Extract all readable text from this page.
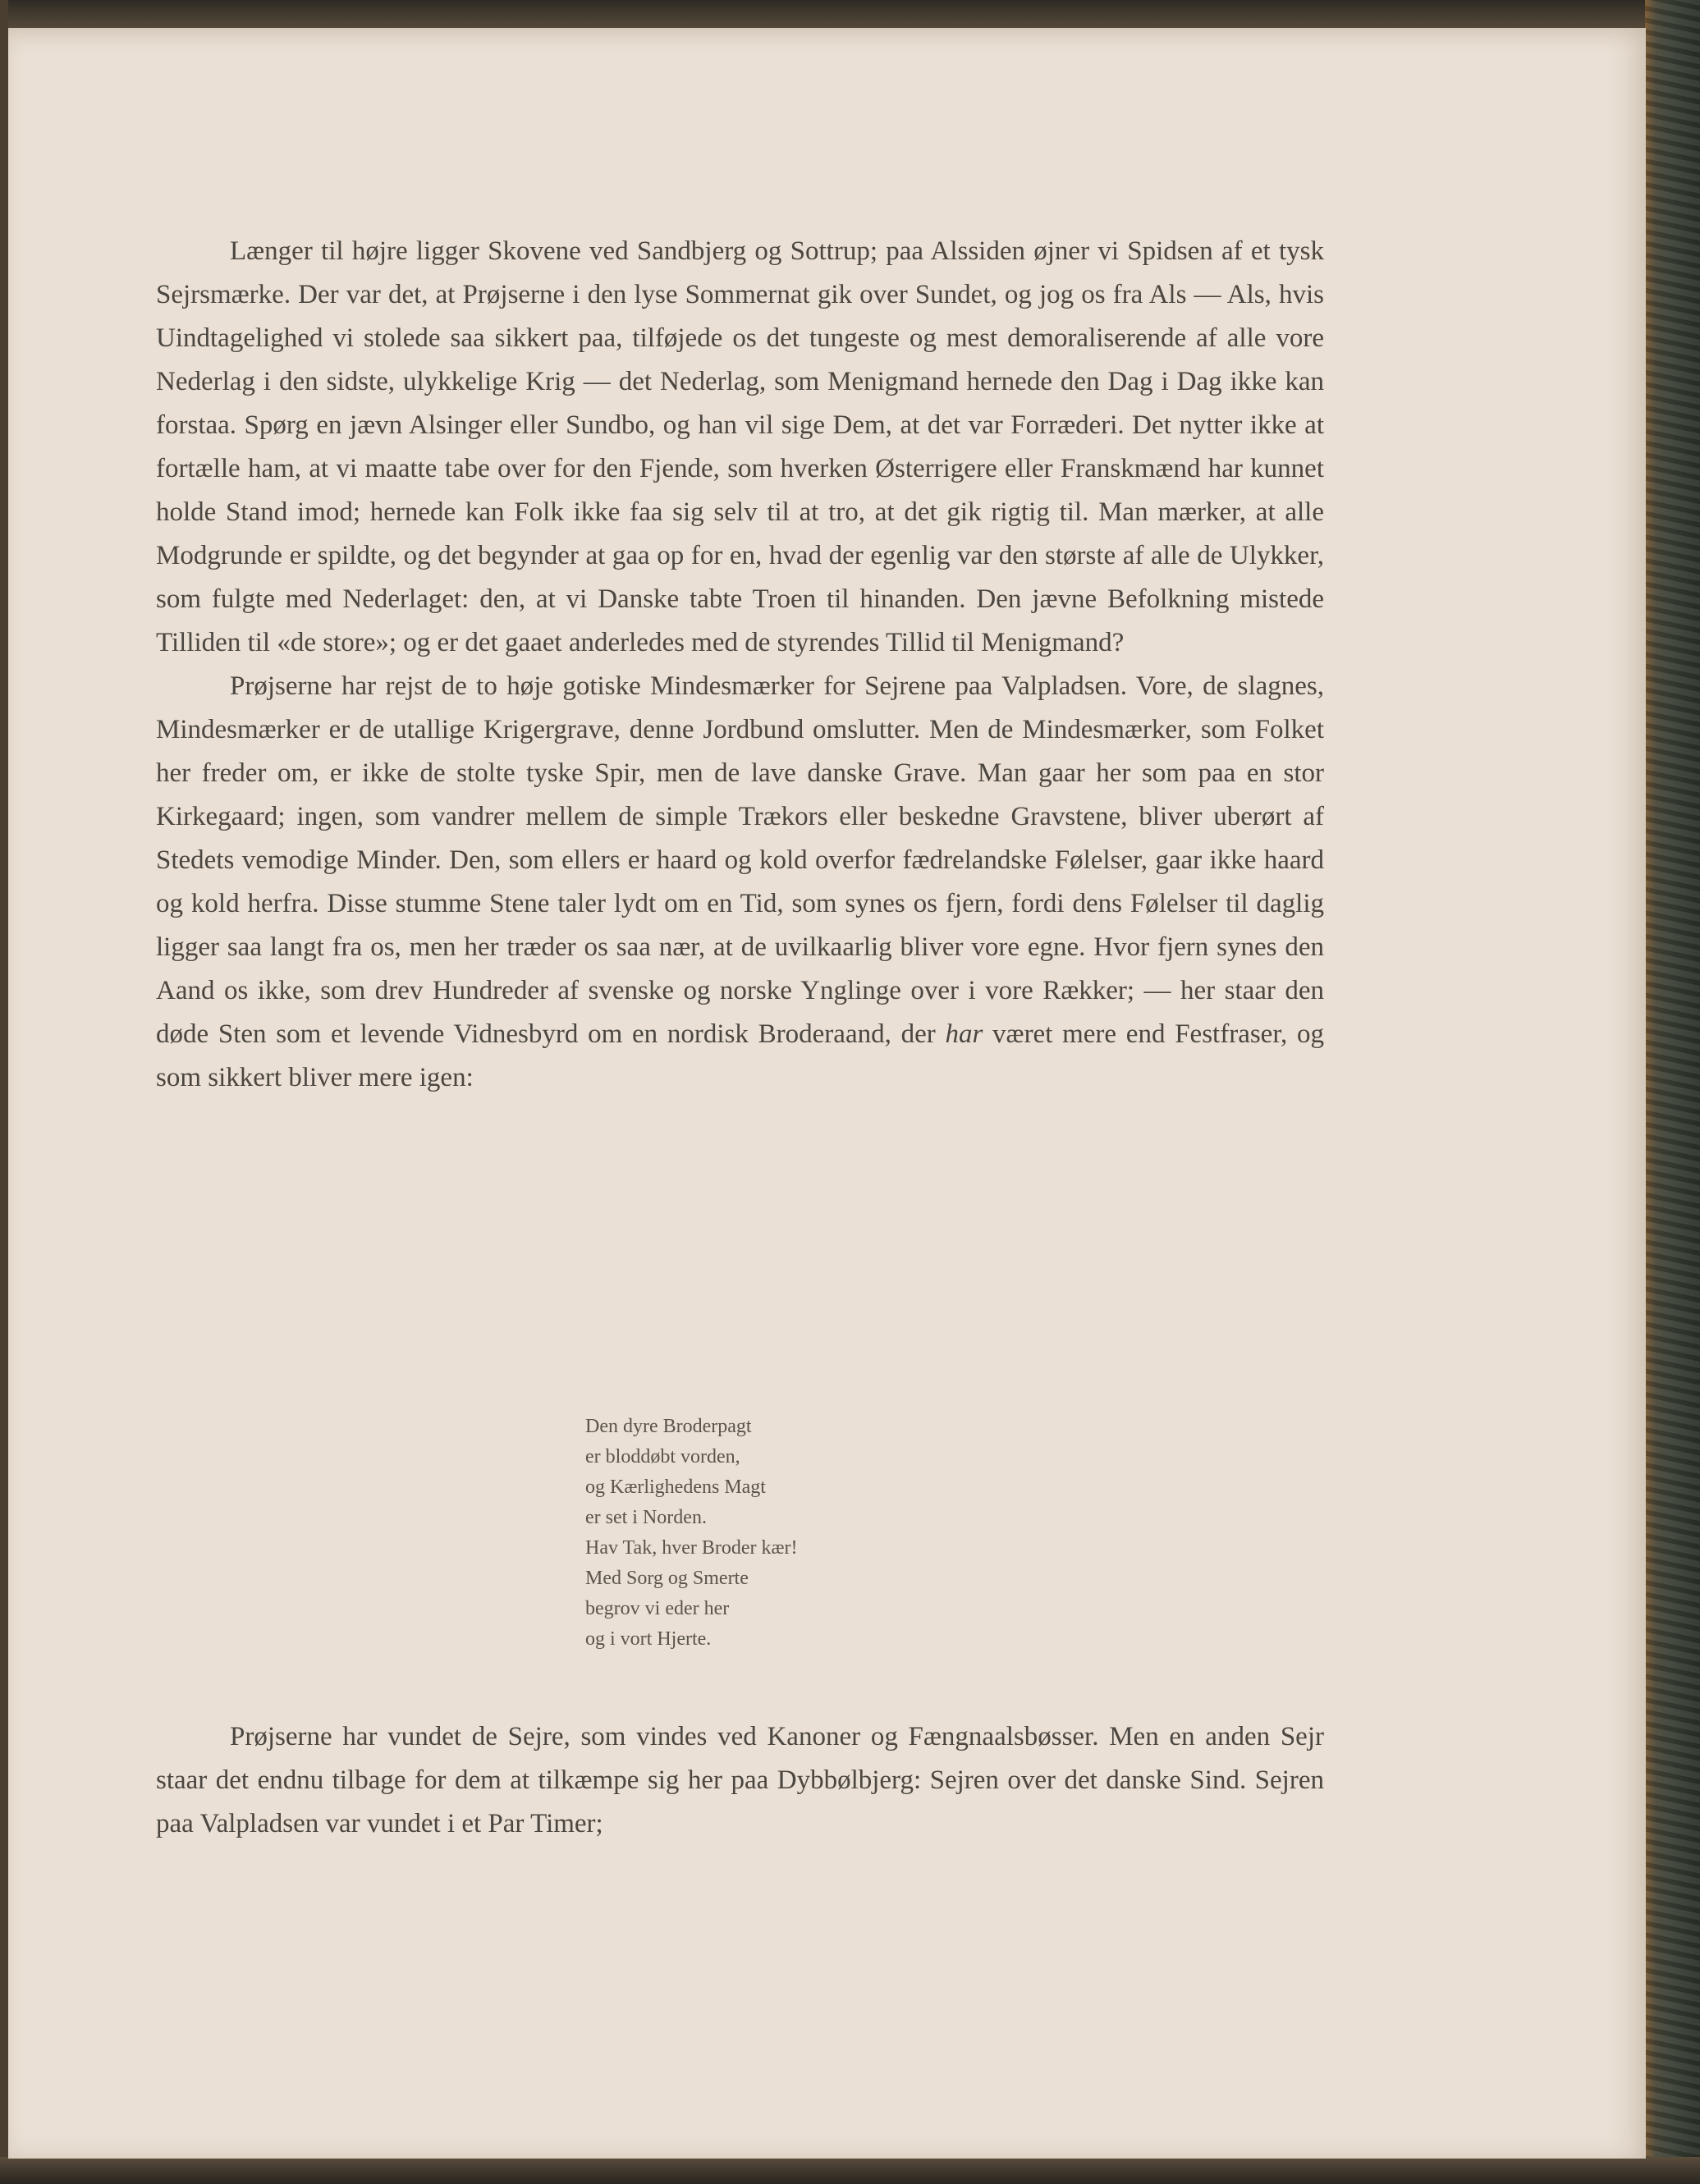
Længer til højre ligger Skovene ved Sandbjerg og Sottrup; paa Alssiden øjner vi Spidsen af et tysk Sejrsmærke. Der var det, at Prøjserne i den lyse Sommernat gik over Sundet, og jog os fra Als — Als, hvis Uindtagelighed vi stolede saa sikkert paa, tilføjede os det tungeste og mest demoraliserende af alle vore Nederlag i den sidste, ulykkelige Krig — det Nederlag, som Menigmand hernede den Dag i Dag ikke kan forstaa. Spørg en jævn Alsinger eller Sundbo, og han vil sige Dem, at det var Forræderi. Det nytter ikke at fortælle ham, at vi maatte tabe over for den Fjende, som hverken Østerrigere eller Franskmænd har kunnet holde Stand imod; hernede kan Folk ikke faa sig selv til at tro, at det gik rigtig til. Man mærker, at alle Modgrunde er spildte, og det begynder at gaa op for en, hvad der egenlig var den største af alle de Ulykker, som fulgte med Nederlaget: den, at vi Danske tabte Troen til hinanden. Den jævne Befolkning mistede Tilliden til «de store»; og er det gaaet anderledes med de styrendes Tillid til Menigmand?

Prøjserne har rejst de to høje gotiske Mindesmærker for Sejrene paa Valpladsen. Vore, de slagnes, Mindesmærker er de utallige Krigergrave, denne Jordbund omslutter. Men de Mindesmærker, som Folket her freder om, er ikke de stolte tyske Spir, men de lave danske Grave. Man gaar her som paa en stor Kirkegaard; ingen, som vandrer mellem de simple Trækors eller beskedne Gravstene, bliver uberørt af Stedets vemodige Minder. Den, som ellers er haard og kold overfor fædrelandske Følelser, gaar ikke haard og kold herfra. Disse stumme Stene taler lydt om en Tid, som synes os fjern, fordi dens Følelser til daglig ligger saa langt fra os, men her træder os saa nær, at de uvilkaarlig bliver vore egne. Hvor fjern synes den Aand os ikke, som drev Hundreder af svenske og norske Ynglinge over i vore Rækker; — her staar den døde Sten som et levende Vidnesbyrd om en nordisk Broderaand, der har været mere end Festfraser, og som sikkert bliver mere igen:

Den dyre Broderpagt
er bloddøbt vorden,
og Kærlighedens Magt
er set i Norden.
Hav Tak, hver Broder kær!
Med Sorg og Smerte
begrov vi eder her
og i vort Hjerte.

Prøjserne har vundet de Sejre, som vindes ved Kanoner og Fængnaalsbøsser. Men en anden Sejr staar det endnu tilbage for dem at tilkæmpe sig her paa Dybbølbjerg: Sejren over det danske Sind. Sejren paa Valpladsen var vundet i et Par Timer;
